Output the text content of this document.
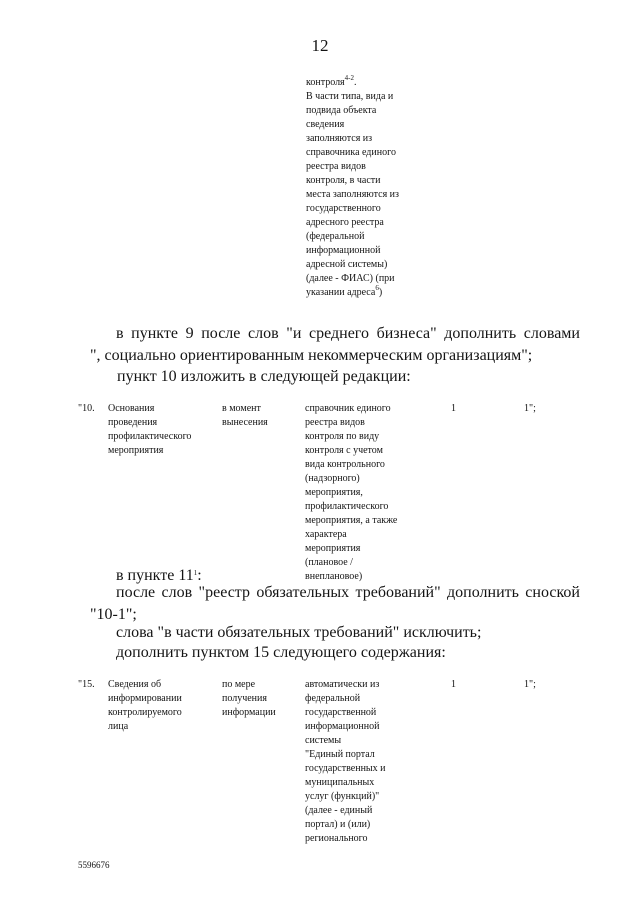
12
контроля$^{4-2}$.
В части типа, вида и
подвида объекта
сведения
заполняются из
справочника единого
реестра видов
контроля, в части
места заполняются из
государственного
адресного реестра
(федеральной
информационной
адресной системы)
(далее - ФИАС) (при
указании адреса$^6$)
в пункте 9 после слов "и среднего бизнеса" дополнить словами
", социально ориентированным некоммерческим организациям";
пункт 10 изложить в следующей редакции:
"10. Основания
проведения
профилактического
мероприятия
в момент
вынесения
справочник единого
реестра видов
контроля по виду
контроля с учетом
вида контрольного
(надзорного)
мероприятия,
профилактического
мероприятия, а также
характера
мероприятия
(плановое /
внеплановое)
1	1";
в пункте $11^1$:
после слов "реестр обязательных требований" дополнить сноской
"10-1";
слова "в части обязательных требований" исключить;
дополнить пунктом 15 следующего содержания:
"15. Сведения об
информировании
контролируемого
лица
по мере
получения
информации
автоматически из
федеральной
государственной
информационной
системы
"Единый портал
государственных и
муниципальных
услуг (функций)"
(далее - единый
портал) и (или)
регионального
1	1";
5596676
